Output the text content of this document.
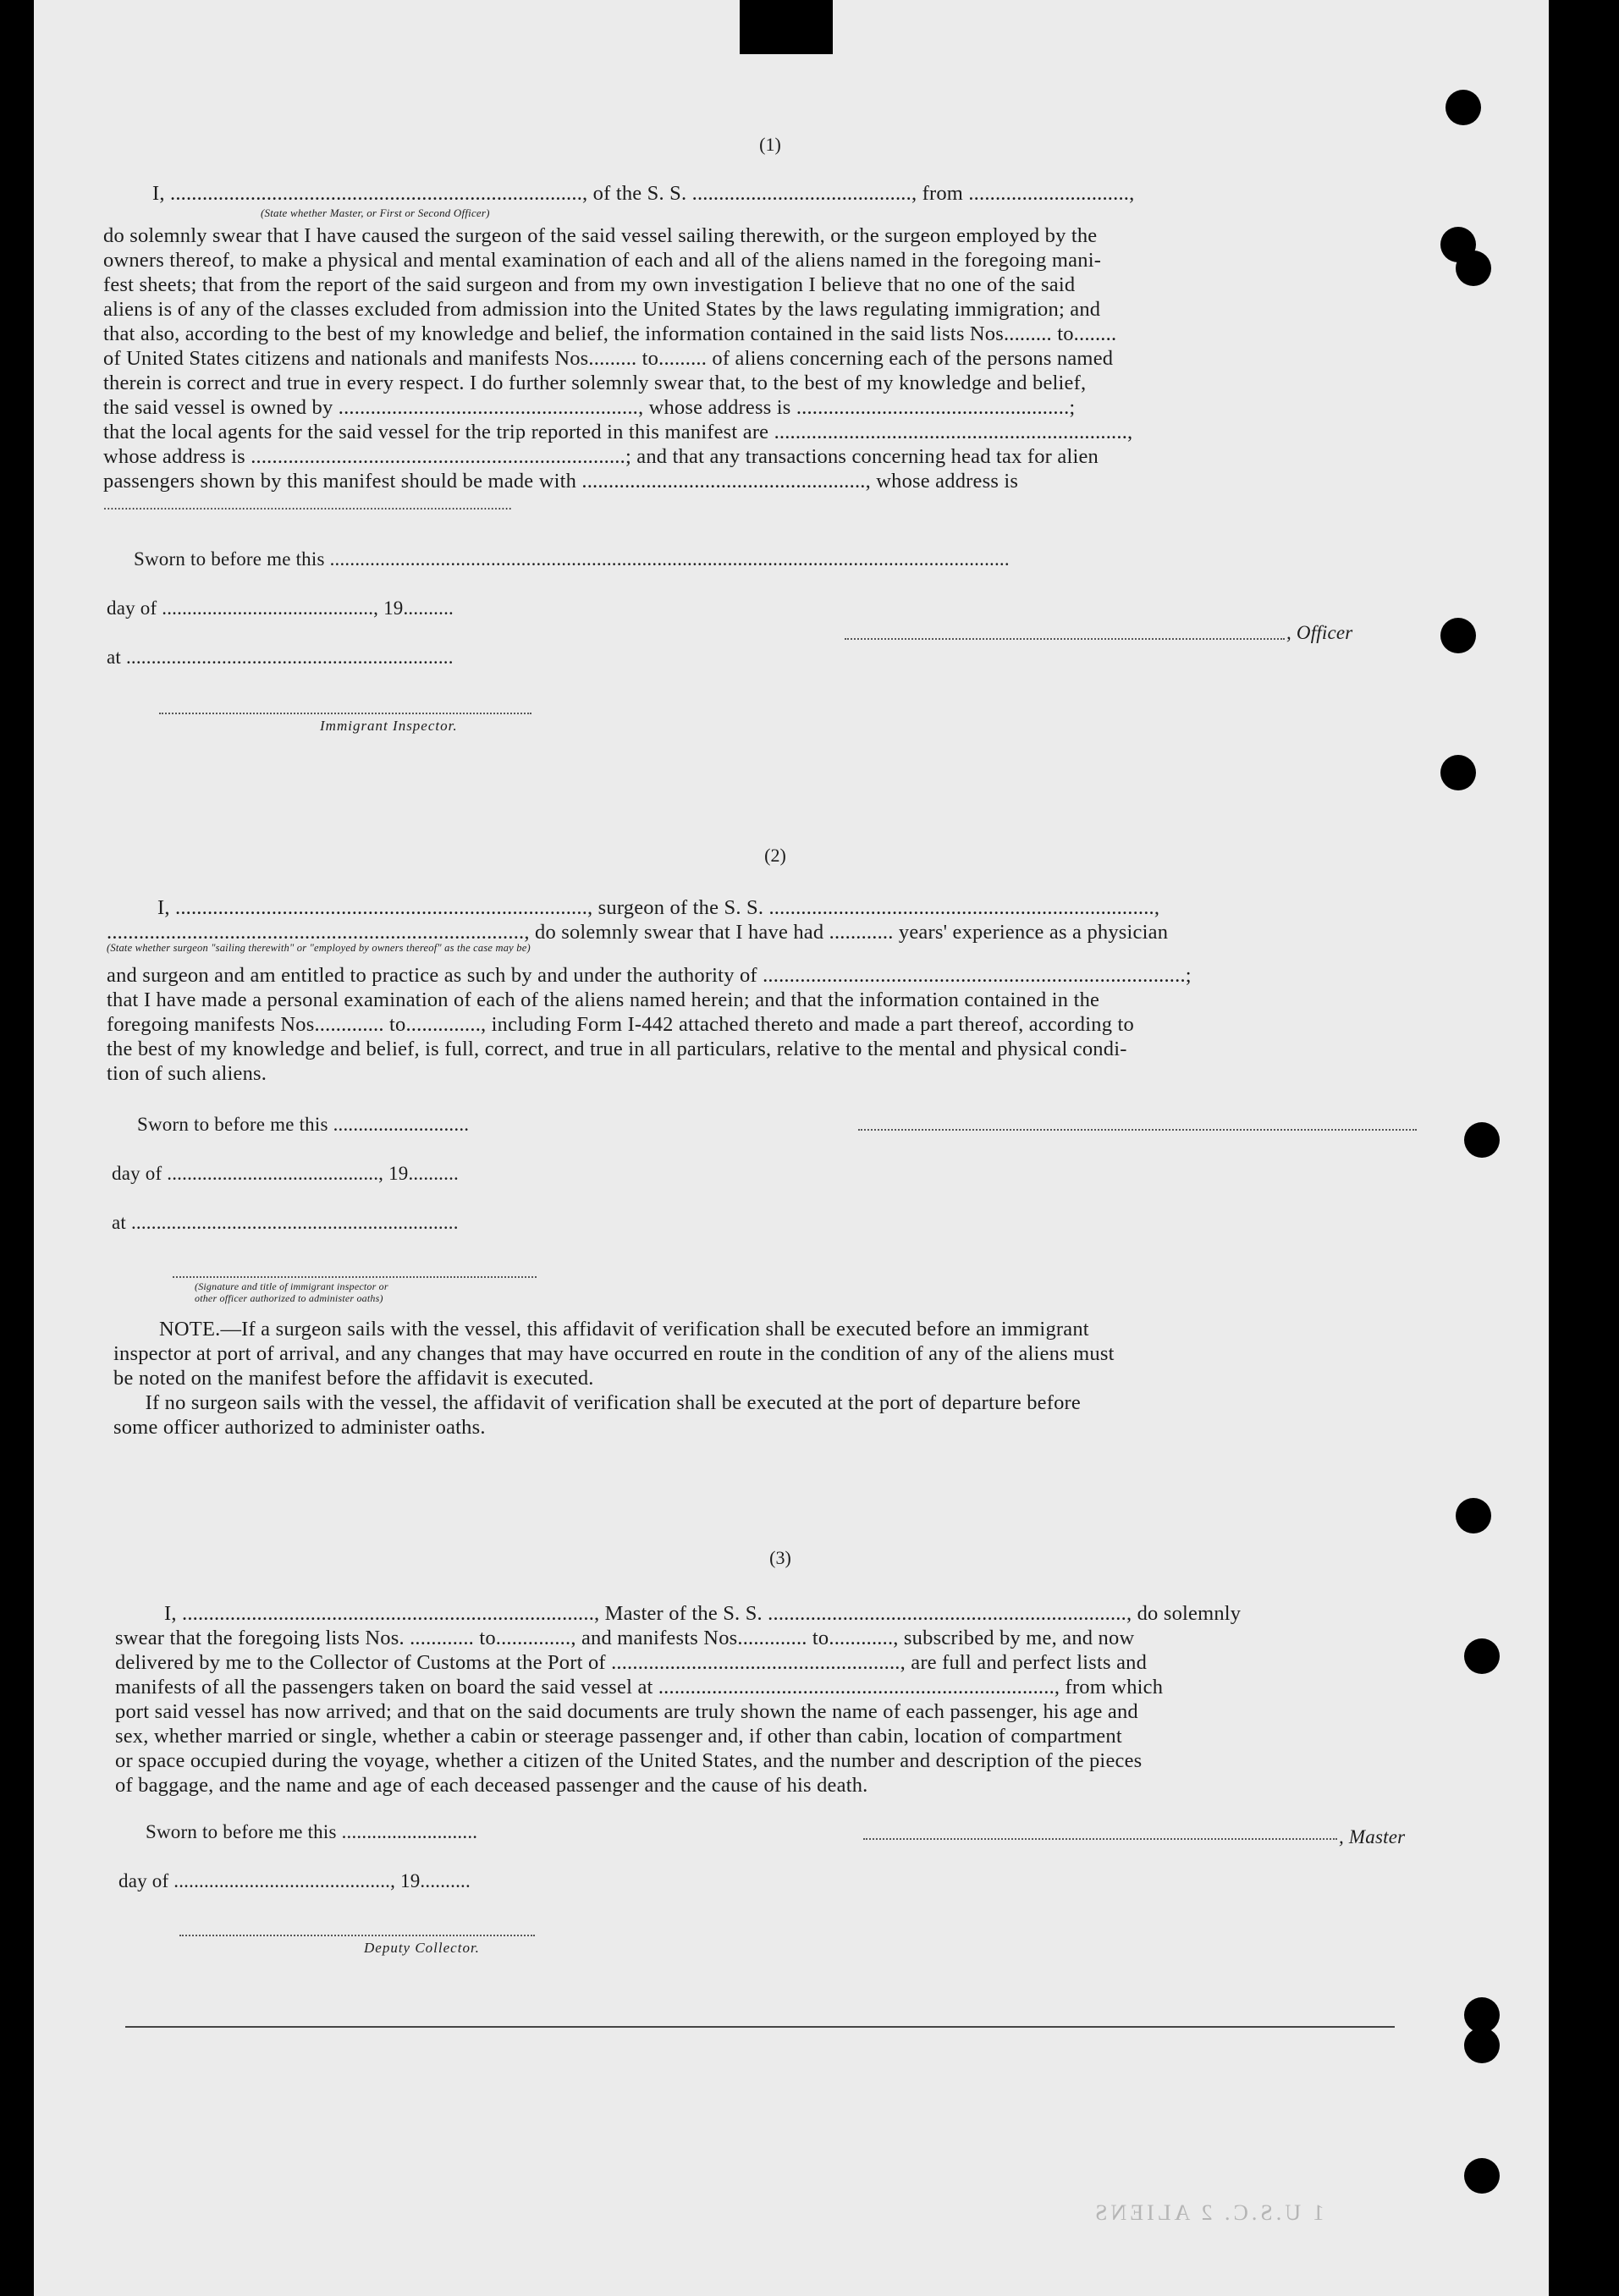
(1)
I, ............................................................................., of the S. S. ........................................., from ..............................,
(State whether Master, or First or Second Officer)
do solemnly swear that I have caused the surgeon of the said vessel sailing therewith, or the surgeon employed by the
owners thereof, to make a physical and mental examination of each and all of the aliens named in the foregoing mani-
fest sheets; that from the report of the said surgeon and from my own investigation I believe that no one of the said
aliens is of any of the classes excluded from admission into the United States by the laws regulating immigration; and
that also, according to the best of my knowledge and belief, the information contained in the said lists Nos......... to........
of United States citizens and nationals and manifests Nos......... to......... of aliens concerning each of the persons named
therein is correct and true in every respect. I do further solemnly swear that, to the best of my knowledge and belief,
the said vessel is owned by ........................................................, whose address is ...................................................;
that the local agents for the said vessel for the trip reported in this manifest are ..................................................................,
whose address is ......................................................................; and that any transactions concerning head tax for alien
passengers shown by this manifest should be made with ....................................................., whose address is
...................................................................................................................
Sworn to before me this .......................................................................................................................................
day of .........................................., 19..........
at .................................................................
, Officer
Immigrant Inspector.
(2)
I, ............................................................................., surgeon of the S. S. ........................................................................,
.............................................................................., do solemnly swear that I have had ............ years' experience as a physician
(State whether surgeon "sailing therewith" or "employed by owners thereof" as the case may be)
and surgeon and am entitled to practice as such by and under the authority of ...............................................................................;
that I have made a personal examination of each of the aliens named herein; and that the information contained in the
foregoing manifests Nos............. to.............., including Form I-442 attached thereto and made a part thereof, according to
the best of my knowledge and belief, is full, correct, and true in all particulars, relative to the mental and physical condi-
tion of such aliens.
Sworn to before me this ...........................
day of .........................................., 19..........
at .................................................................
(Signature and title of immigrant inspector or
other officer authorized to administer oaths)
NOTE.—If a surgeon sails with the vessel, this affidavit of verification shall be executed before an immigrant
inspector at port of arrival, and any changes that may have occurred en route in the condition of any of the aliens must
be noted on the manifest before the affidavit is executed.
If no surgeon sails with the vessel, the affidavit of verification shall be executed at the port of departure before
some officer authorized to administer oaths.
(3)
I, ............................................................................., Master of the S. S. ..................................................................., do solemnly
swear that the foregoing lists Nos. ............ to.............., and manifests Nos............. to............, subscribed by me, and now
delivered by me to the Collector of Customs at the Port of ......................................................, are full and perfect lists and
manifests of all the passengers taken on board the said vessel at .........................................................................., from which
port said vessel has now arrived; and that on the said documents are truly shown the name of each passenger, his age and
sex, whether married or single, whether a cabin or steerage passenger and, if other than cabin, location of compartment
or space occupied during the voyage, whether a citizen of the United States, and the number and description of the pieces
of baggage, and the name and age of each deceased passenger and the cause of his death.
Sworn to before me this ...........................	, Master
day of ..........................................., 19..........
Deputy Collector.
1 U.S.C. 2 ALIENS
